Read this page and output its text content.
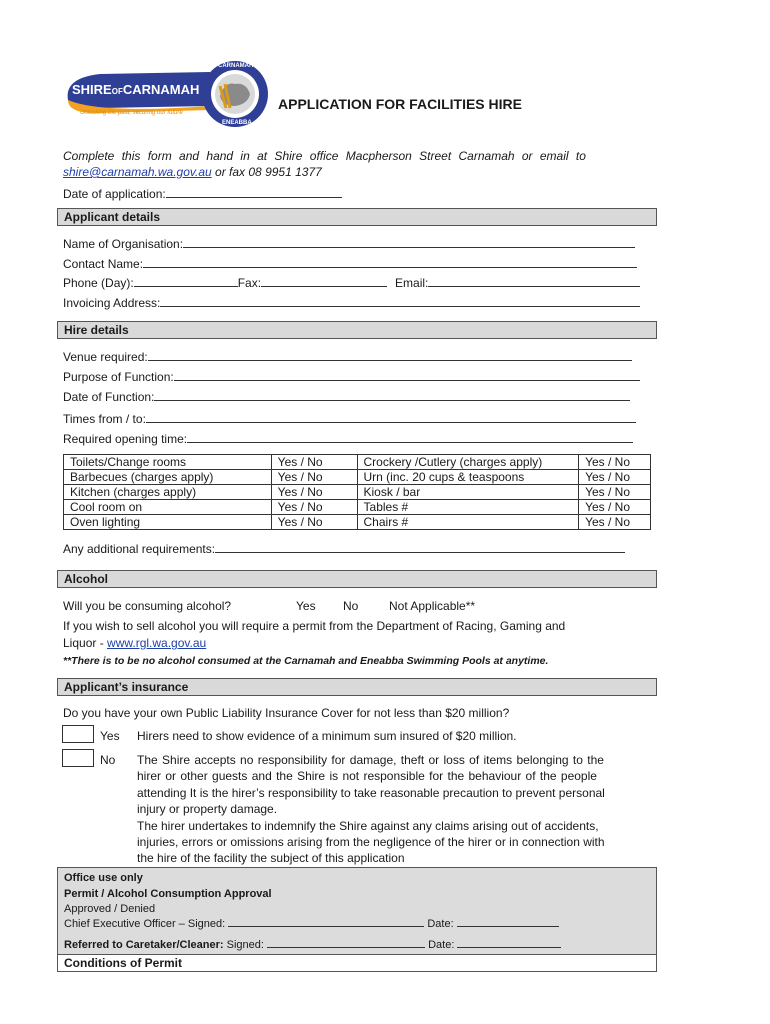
SHIREOFCARNAMAH
Unlocking the past, securing our future
CARNAMAH
ENEABBA
APPLICATION FOR FACILITIES HIRE
Complete this form and hand in at Shire office Macpherson Street Carnamah or email to
shire@carnamah.wa.gov.au or fax 08 9951 1377
Date of application:
Applicant details
Name of Organisation:
Contact Name:
Phone (Day):	Fax:	Email:
Invoicing Address:
Hire details
Venue required:
Purpose of Function:
Date of Function:
Times from / to:
Required opening time:
Toilets/Change rooms	Yes / No	Crockery /Cutlery (charges apply)	Yes / No
Barbecues (charges apply)	Yes / No	Urn (inc. 20 cups & teaspoons	Yes / No
Kitchen (charges apply)	Yes / No	Kiosk / bar	Yes / No
Cool room on	Yes / No	Tables #	Yes / No
Oven lighting	Yes / No	Chairs #	Yes / No
Any additional requirements:
Alcohol
Will you be consuming alcohol?	Yes No	Not Applicable**
If you wish to sell alcohol you will require a permit from the Department of Racing, Gaming and
Liquor - www.rgl.wa.gov.au
**There is to be no alcohol consumed at the Carnamah and Eneabba Swimming Pools at anytime.
Applicant’s insurance
Do you have your own Public Liability Insurance Cover for not less than $20 million?
Yes Hirers need to show evidence of a minimum sum insured of $20 million.
No The Shire accepts no responsibility for damage, theft or loss of items belonging to the
hirer or other guests and the Shire is not responsible for the behaviour of the people
attending It is the hirer’s responsibility to take reasonable precaution to prevent personal
injury or property damage.
The hirer undertakes to indemnify the Shire against any claims arising out of accidents,
injuries, errors or omissions arising from the negligence of the hirer or in connection with
the hire of the facility the subject of this application
Office use only
Permit / Alcohol Consumption Approval
Approved / Denied
Chief Executive Officer – Signed:	Date:
Referred to Caretaker/Cleaner: Signed:	Date:
Conditions of Permit
